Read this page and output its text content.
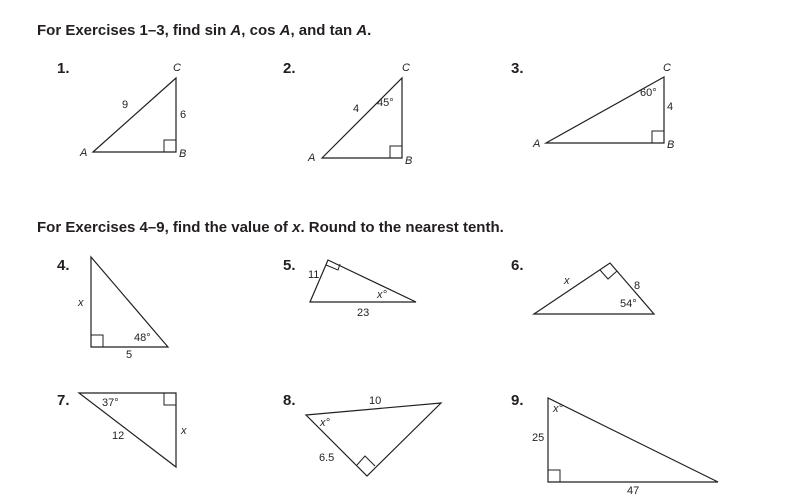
For Exercises 1–3, find sin A, cos A, and tan A.
For Exercises 4–9, find the value of x. Round to the nearest tenth.
1.	2.	3.
4.	5.	6.
7.	8.	9.
9
6
A	B
C
4 45°
A	B
C
60°
4
A	B
C
x
48°
5
11
x°
23
x	8
54°
37°
12	x
10
x°
6.5
x°
25
47
